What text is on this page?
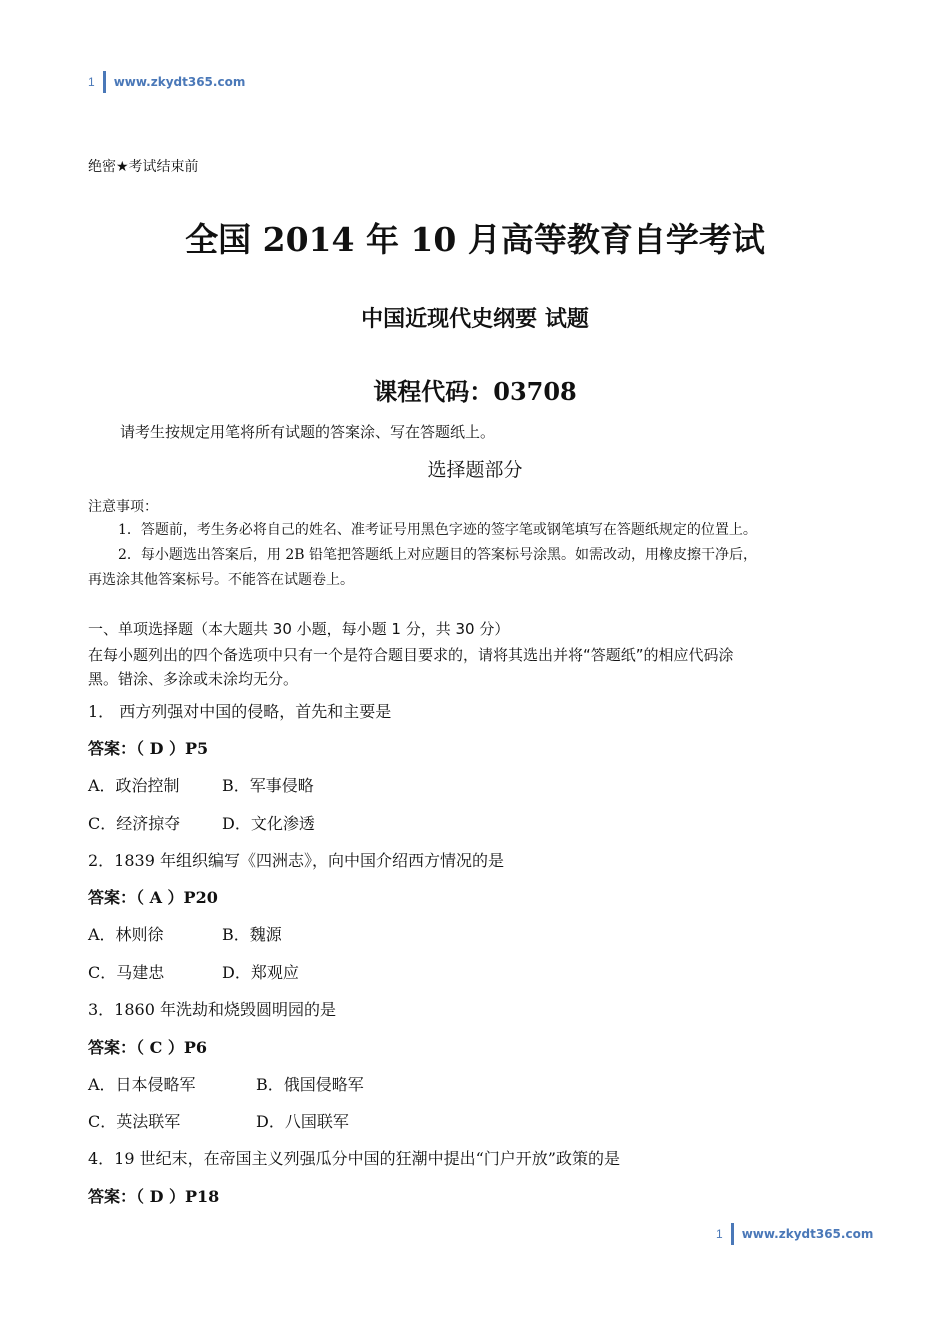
1 www.zkydt365.com
绝密★考试结束前
全国 2014 年 10 月高等教育自学考试
中国近现代史纲要 试题
课程代码：03708
请考生按规定用笔将所有试题的答案涂、写在答题纸上。
选择题部分
注意事项：
1．答题前，考生务必将自己的姓名、准考证号用黑色字迹的签字笔或钢笔填写在答题纸规定的位置上。
2．每小题选出答案后，用 2B 铅笔把答题纸上对应题目的答案标号涂黑。如需改动，用橡皮擦干净后，
再选涂其他答案标号。不能答在试题卷上。
一、单项选择题（本大题共 30 小题，每小题 1 分，共 30 分）
在每小题列出的四个备选项中只有一个是符合题目要求的，请将其选出并将“答题纸”的相应代码涂
黑。错涂、多涂或未涂均无分。
1． 西方列强对中国的侵略，首先和主要是
答案：（ D ）P5
A．政治控制	B．军事侵略
C．经济掠夺	D．文化渗透
2．1839 年组织编写《四洲志》，向中国介绍西方情况的是
答案：（ A ）P20
A．林则徐	B．魏源
C．马建忠	D．郑观应
3．1860 年洗劫和烧毁圆明园的是
答案：（ C ）P6
A．日本侵略军	B．俄国侵略军
C．英法联军	D．八国联军
4．19 世纪末，在帝国主义列强瓜分中国的狂潮中提出“门户开放”政策的是
答案：（ D ）P18
1 www.zkydt365.com
